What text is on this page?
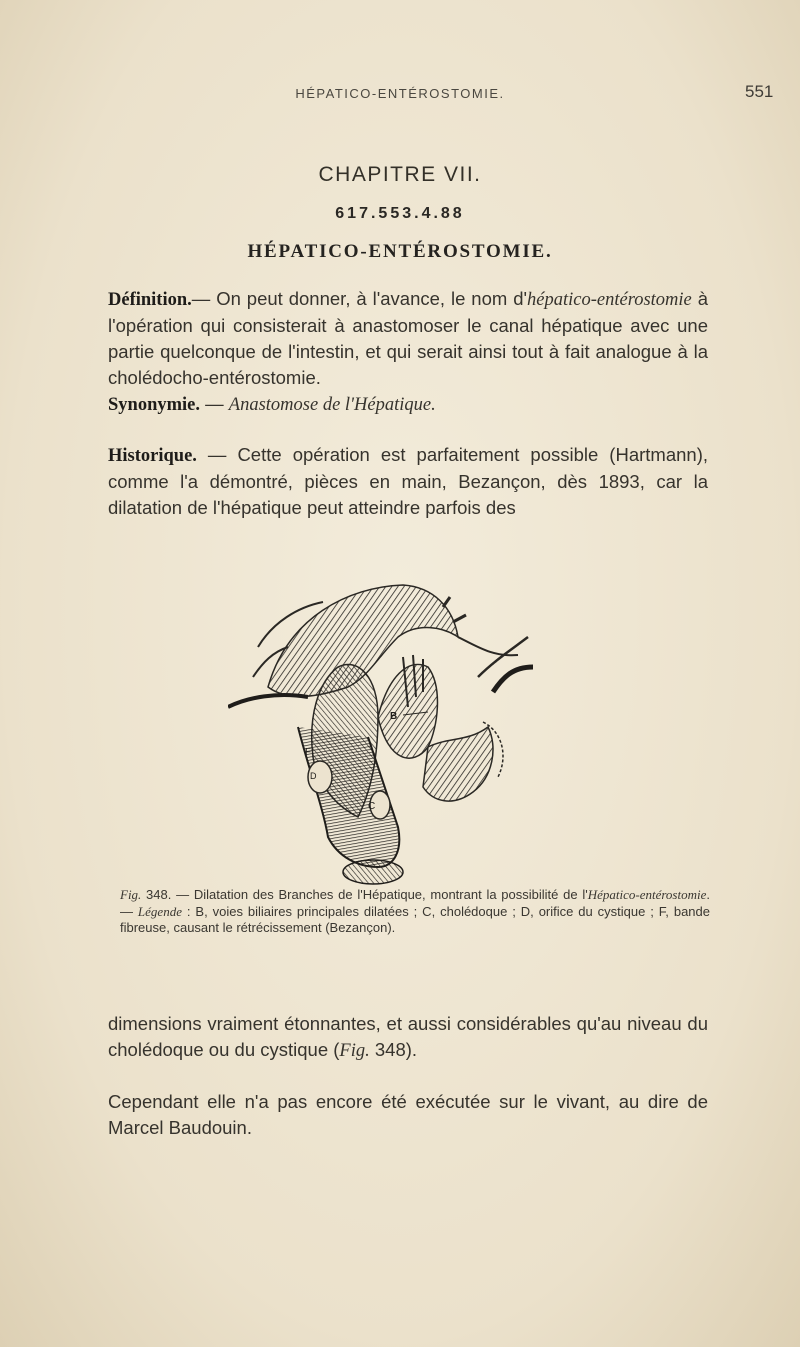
HÉPATICO-ENTÉROSTOMIE.	551
CHAPITRE VII.
617.553.4.88
HÉPATICO-ENTÉROSTOMIE.

Définition.— On peut donner, à l'avance, le nom d'hépatico-entérostomie à l'opération qui consisterait à anastomoser le canal hépatique avec une partie quelconque de l'intestin, et qui serait ainsi tout à fait analogue à la cholédocho-entérostomie.

Synonymie. — Anastomose de l'Hépatique.

Historique. — Cette opération est parfaitement possible (Hartmann), comme l'a démontré, pièces en main, Bezançon, dès 1893, car la dilatation de l'hépatique peut atteindre parfois des

B
F
D
C

Fig. 348. — Dilatation des Branches de l'Hépatique, montrant la possibilité de l'Hépatico-entérostomie. — Légende : B, voies biliaires principales dilatées ; C, cholédoque ; D, orifice du cystique ; F, bande fibreuse, causant le rétrécissement (Bezançon).

dimensions vraiment étonnantes, et aussi considérables qu'au niveau du cholédoque ou du cystique (Fig. 348).

Cependant elle n'a pas encore été exécutée sur le vivant, au dire de Marcel Baudouin.
